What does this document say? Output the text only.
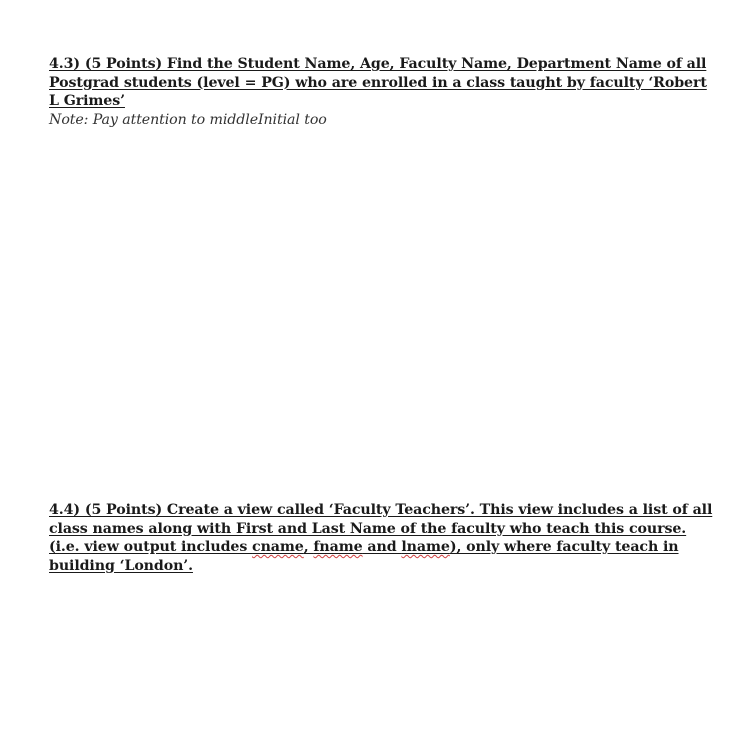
4.3) (5 Points) Find the Student Name, Age, Faculty Name, Department Name of all Postgrad students (level = PG) who are enrolled in a class taught by faculty ‘Robert L Grimes’
Note: Pay attention to middleInitial too
4.4) (5 Points) Create a view called ‘Faculty Teachers’. This view includes a list of all class names along with First and Last Name of the faculty who teach this course. (i.e. view output includes cname, fname and lname), only where faculty teach in building ‘London’.
